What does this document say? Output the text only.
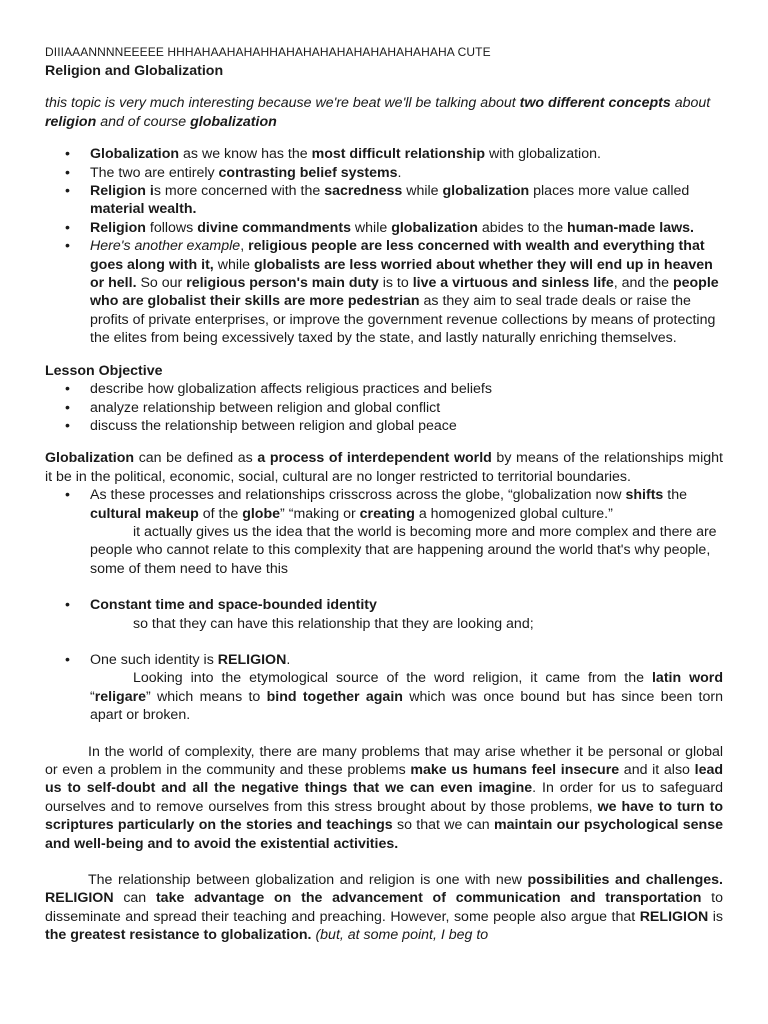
DIIIAAANNNNEEEEE HHHAHAAHAHAHHAHAHAHAHAHAHAHAHAHAHA CUTE

Religion and Globalization

this topic is very much interesting because we're beat we'll be talking about two different concepts about religion and of course globalization

• Globalization as we know has the most difficult relationship with globalization.
• The two are entirely contrasting belief systems.
• Religion is more concerned with the sacredness while globalization places more value called material wealth.
• Religion follows divine commandments while globalization abides to the human-made laws.
• Here's another example, religious people are less concerned with wealth and everything that goes along with it, while globalists are less worried about whether they will end up in heaven or hell. So our religious person's main duty is to live a virtuous and sinless life, and the people who are globalist their skills are more pedestrian as they aim to seal trade deals or raise the profits of private enterprises, or improve the government revenue collections by means of protecting the elites from being excessively taxed by the state, and lastly naturally enriching themselves.

Lesson Objective

• describe how globalization affects religious practices and beliefs
• analyze relationship between religion and global conflict
• discuss the relationship between religion and global peace

Globalization can be defined as a process of interdependent world by means of the relationships might it be in the political, economic, social, cultural are no longer restricted to territorial boundaries.

• As these processes and relationships crisscross across the globe, “globalization now shifts the cultural makeup of the globe” “making or creating a homogenized global culture.”

it actually gives us the idea that the world is becoming more and more complex and there are people who cannot relate to this complexity that are happening around the world that's why people, some of them need to have this

• Constant time and space-bounded identity

so that they can have this relationship that they are looking and;

• One such identity is RELIGION.

Looking into the etymological source of the word religion, it came from the latin word “religare” which means to bind together again which was once bound but has since been torn apart or broken.

In the world of complexity, there are many problems that may arise whether it be personal or global or even a problem in the community and these problems make us humans feel insecure and it also lead us to self-doubt and all the negative things that we can even imagine. In order for us to safeguard ourselves and to remove ourselves from this stress brought about by those problems, we have to turn to scriptures particularly on the stories and teachings so that we can maintain our psychological sense and well-being and to avoid the existential activities.

The relationship between globalization and religion is one with new possibilities and challenges. RELIGION can take advantage on the advancement of communication and transportation to disseminate and spread their teaching and preaching. However, some people also argue that RELIGION is the greatest resistance to globalization. (but, at some point, I beg to
